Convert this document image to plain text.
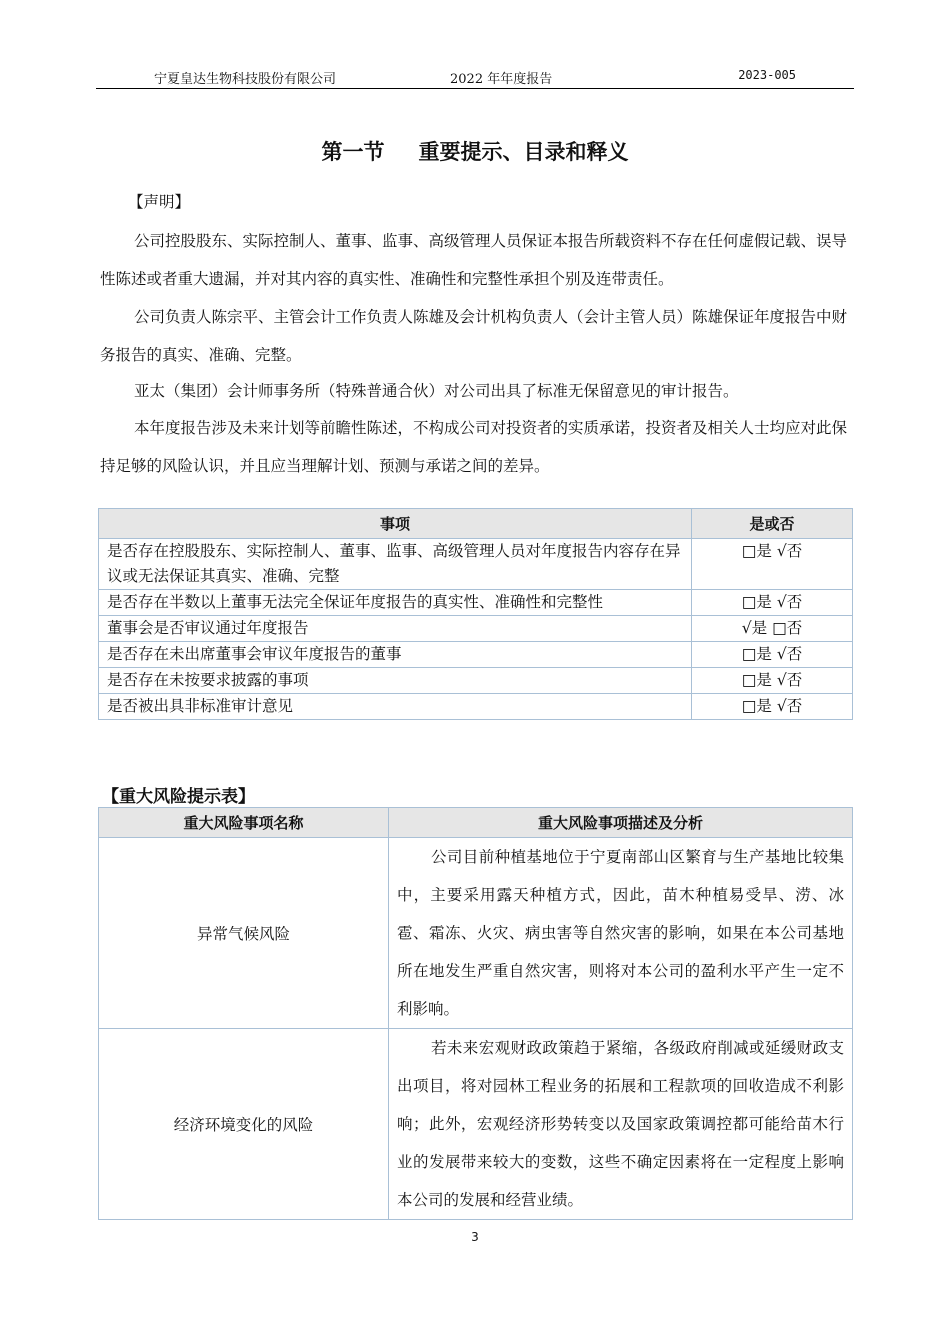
宁夏皇达生物科技股份有限公司	2022 年年度报告	2023-005
第一节 重要提示、目录和释义
【声明】

公司控股股东、实际控制人、董事、监事、高级管理人员保证本报告所载资料不存在任何虚假记载、误导性陈述或者重大遗漏，并对其内容的真实性、准确性和完整性承担个别及连带责任。

公司负责人陈宗平、主管会计工作负责人陈雄及会计机构负责人（会计主管人员）陈雄保证年度报告中财务报告的真实、准确、完整。

亚太（集团）会计师事务所（特殊普通合伙）对公司出具了标准无保留意见的审计报告。

本年度报告涉及未来计划等前瞻性陈述，不构成公司对投资者的实质承诺，投资者及相关人士均应对此保持足够的风险认识，并且应当理解计划、预测与承诺之间的差异。

事项	是或否
是否存在控股股东、实际控制人、董事、监事、高级管理人员对年度报告内容存在异议或无法保证其真实、准确、完整	□是 √否
是否存在半数以上董事无法完全保证年度报告的真实性、准确性和完整性	□是 √否
董事会是否审议通过年度报告	√是 □否
是否存在未出席董事会审议年度报告的董事	□是 √否
是否存在未按要求披露的事项	□是 √否
是否被出具非标准审计意见	□是 √否
【重大风险提示表】
重大风险事项名称	重大风险事项描述及分析
异常气候风险	公司目前种植基地位于宁夏南部山区繁育与生产基地比较集中，主要采用露天种植方式，因此，苗木种植易受旱、涝、冰雹、霜冻、火灾、病虫害等自然灾害的影响，如果在本公司基地所在地发生严重自然灾害，则将对本公司的盈利水平产生一定不利影响。
经济环境变化的风险	若未来宏观财政政策趋于紧缩，各级政府削减或延缓财政支出项目，将对园林工程业务的拓展和工程款项的回收造成不利影响；此外，宏观经济形势转变以及国家政策调控都可能给苗木行业的发展带来较大的变数，这些不确定因素将在一定程度上影响本公司的发展和经营业绩。
3
